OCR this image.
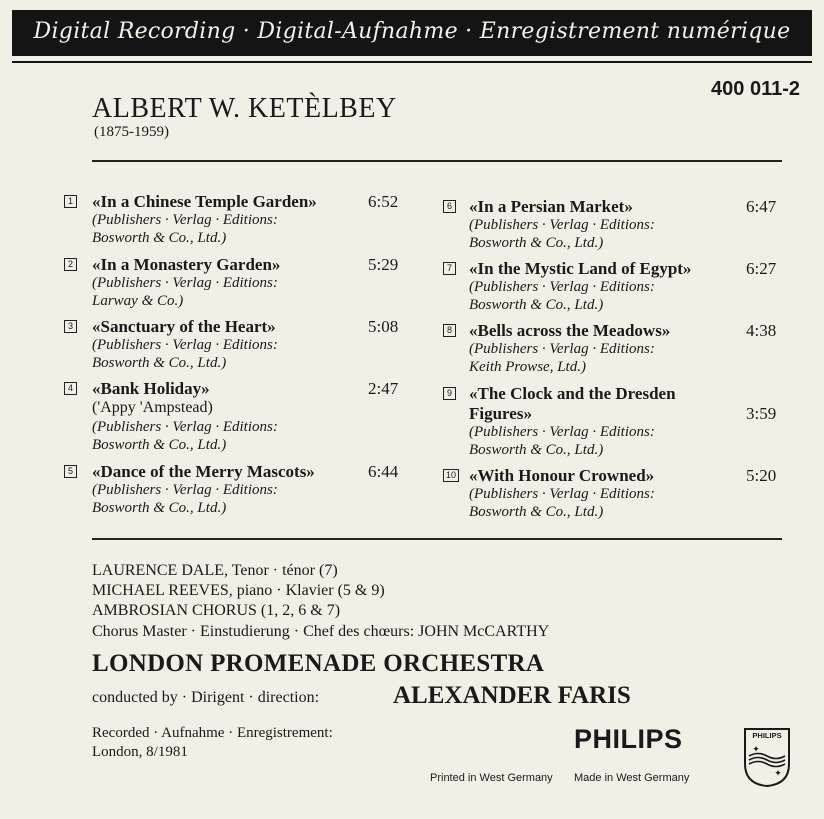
Digital Recording · Digital-Aufnahme · Enregistrement numérique
400 011-2
ALBERT W. KETÈLBEY
(1875-1959)
1 «In a Chinese Temple Garden»	6:52
(Publishers · Verlag · Editions:
Bosworth & Co., Ltd.)
2 «In a Monastery Garden»	5:29
(Publishers · Verlag · Editions:
Larway & Co.)
3 «Sanctuary of the Heart»	5:08
(Publishers · Verlag · Editions:
Bosworth & Co., Ltd.)
4 «Bank Holiday»	2:47
('Appy 'Ampstead)
(Publishers · Verlag · Editions:
Bosworth & Co., Ltd.)
5 «Dance of the Merry Mascots»	6:44
(Publishers · Verlag · Editions:
Bosworth & Co., Ltd.)
6 «In a Persian Market»	6:47
(Publishers · Verlag · Editions:
Bosworth & Co., Ltd.)
7 «In the Mystic Land of Egypt»	6:27
(Publishers · Verlag · Editions:
Bosworth & Co., Ltd.)
8 «Bells across the Meadows»	4:38
(Publishers · Verlag · Editions:
Keith Prowse, Ltd.)
9 «The Clock and the Dresden
Figures»	3:59
(Publishers · Verlag · Editions:
Bosworth & Co., Ltd.)
10 «With Honour Crowned»	5:20
(Publishers · Verlag · Editions:
Bosworth & Co., Ltd.)
LAURENCE DALE, Tenor · ténor (7)
MICHAEL REEVES, piano · Klavier (5 & 9)
AMBROSIAN CHORUS (1, 2, 6 & 7)
Chorus Master · Einstudierung · Chef des chœurs: JOHN McCARTHY
LONDON PROMENADE ORCHESTRA
conducted by · Dirigent · direction:	ALEXANDER FARIS
Recorded · Aufnahme · Enregistrement:
London, 8/1981	PHILIPS	PHILIPS
✦
✦
Printed in West Germany Made in West Germany
